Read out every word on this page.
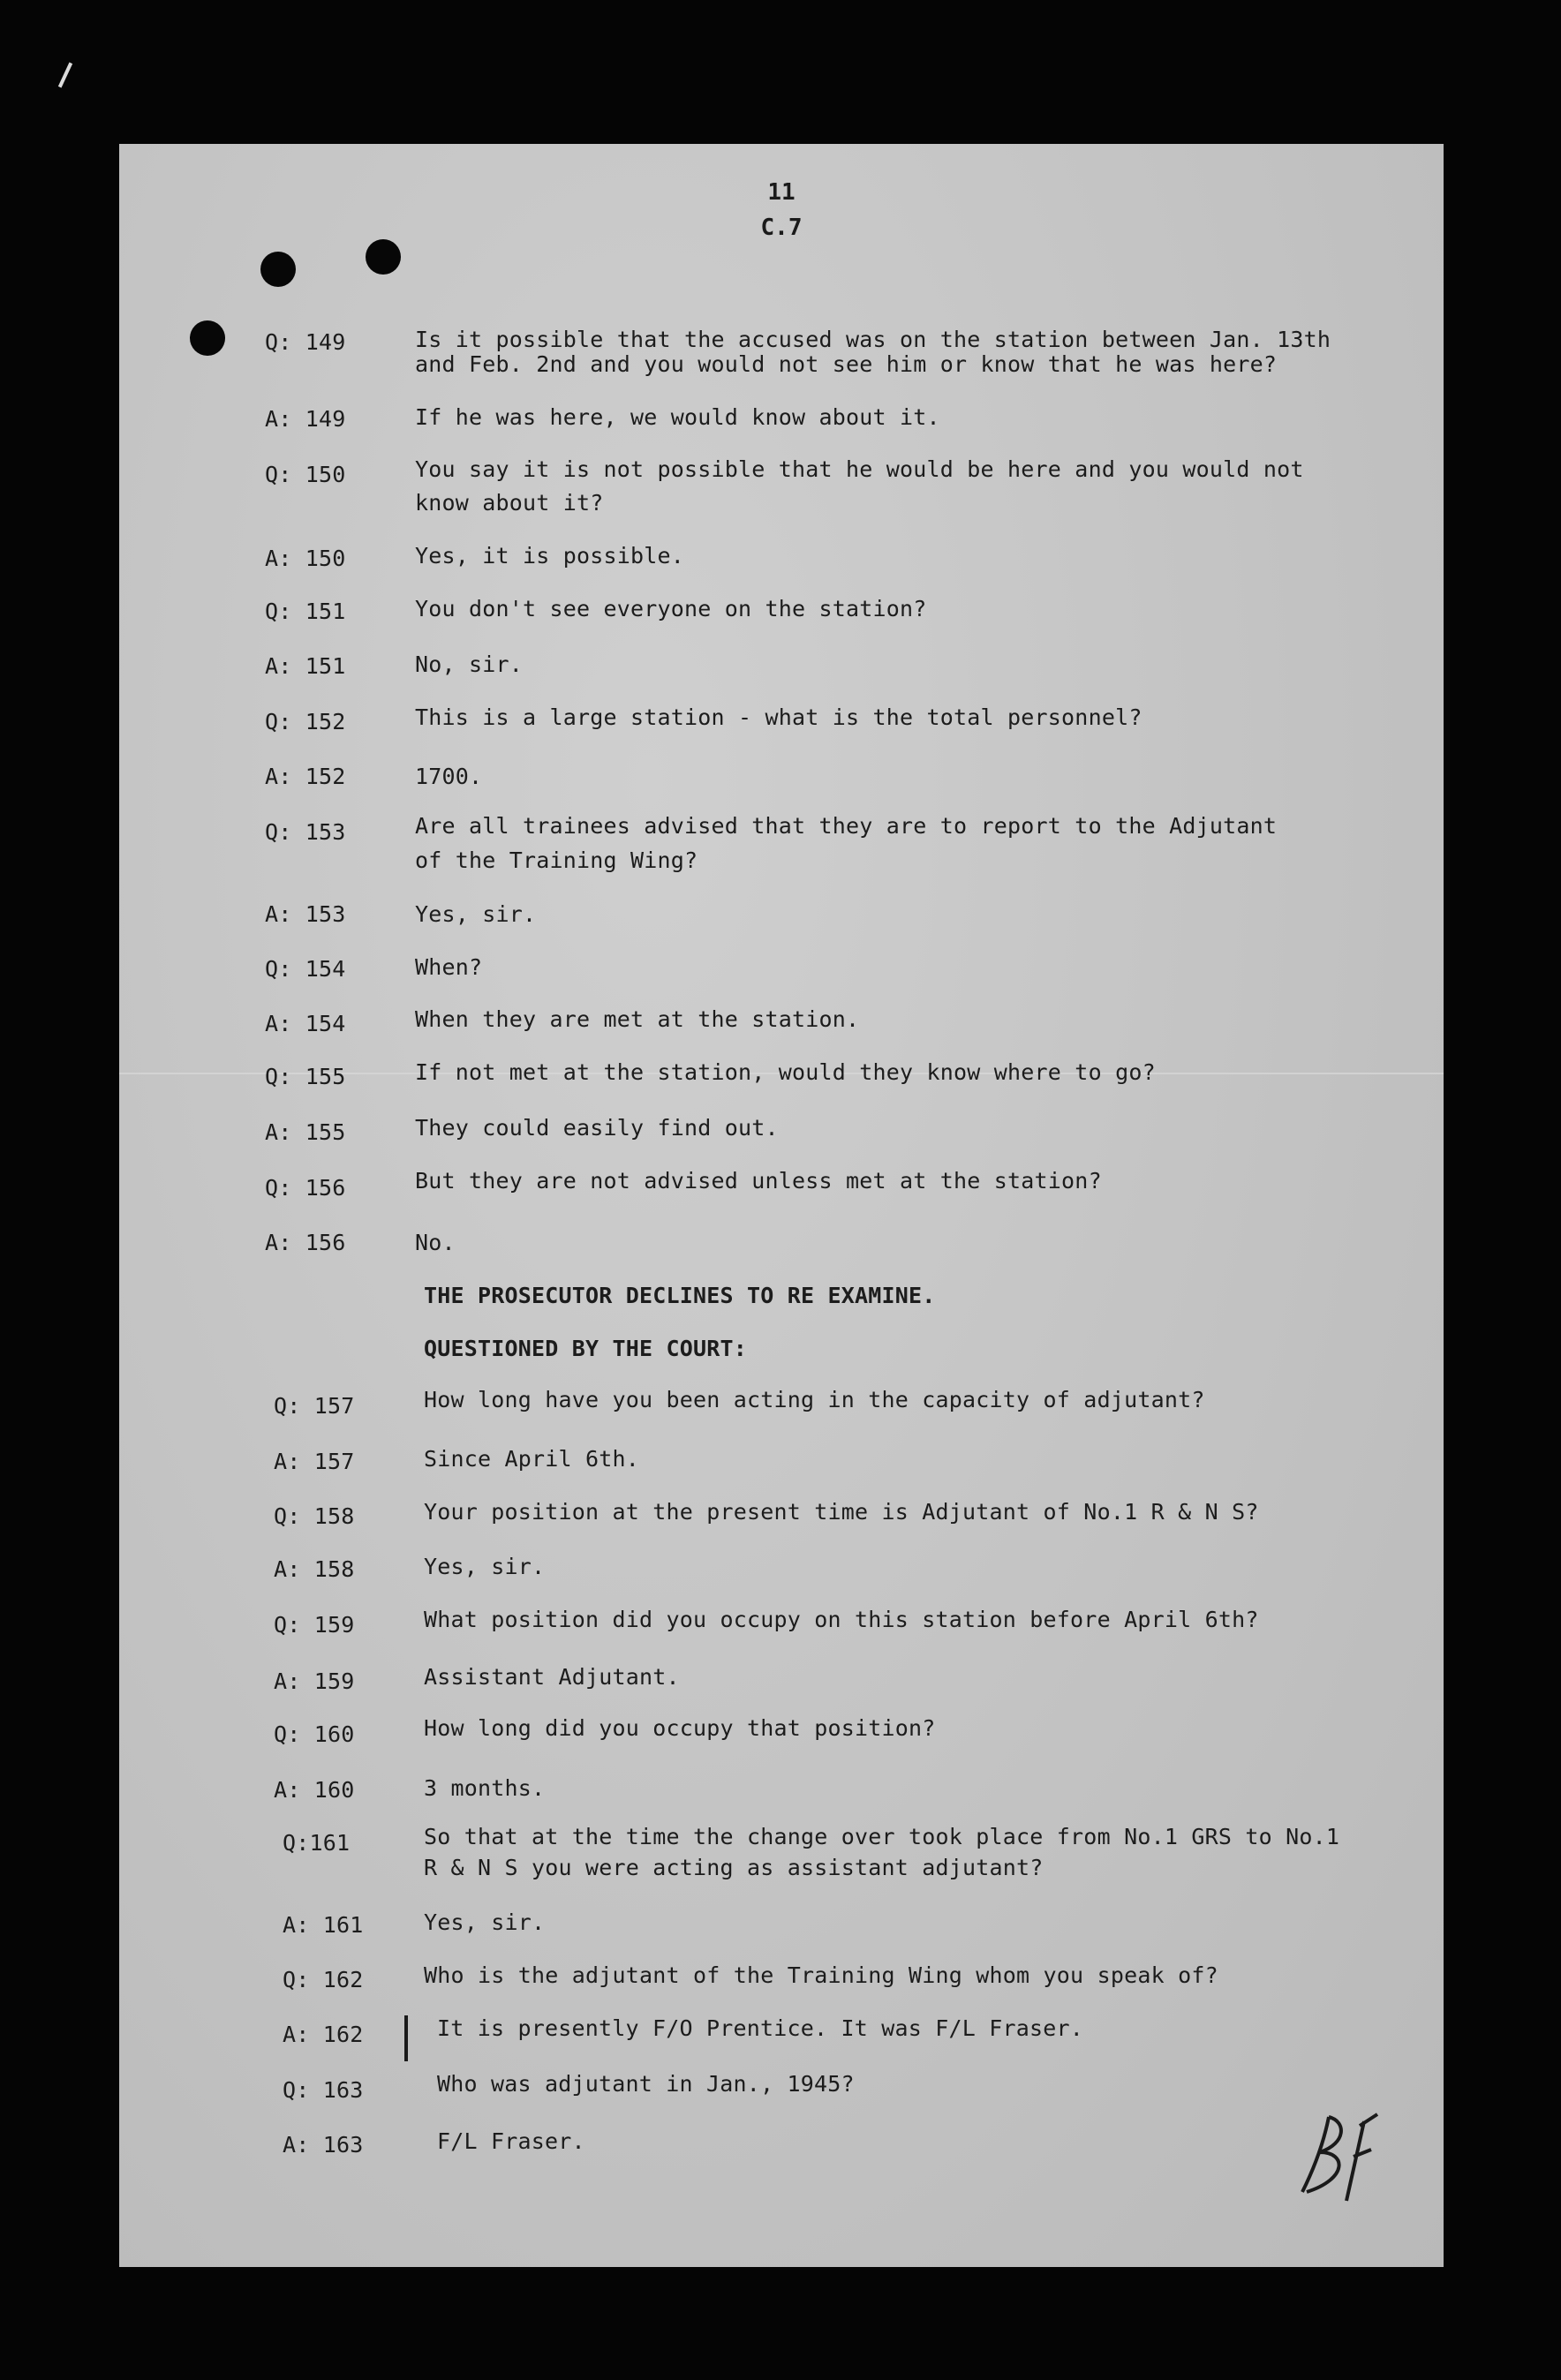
11
C.7
Q: 149	Is it possible that the accused was on the station between Jan. 13th
and Feb. 2nd and you would not see him or know that he was here?
A: 149	If he was here, we would know about it.
Q: 150	You say it is not possible that he would be here and you would not
know about it?
A: 150	Yes, it is possible.
Q: 151	You don't see everyone on the station?
A: 151	No, sir.
Q: 152	This is a large station - what is the total personnel?
A: 152	1700.
Q: 153	Are all trainees advised that they are to report to the Adjutant
of the Training Wing?
A: 153	Yes, sir.
Q: 154	When?
A: 154	When they are met at the station.
Q: 155	If not met at the station, would they know where to go?
A: 155	They could easily find out.
Q: 156	But they are not advised unless met at the station?
A: 156	No.
THE PROSECUTOR DECLINES TO RE EXAMINE.
QUESTIONED BY THE COURT:
Q: 157	How long have you been acting in the capacity of adjutant?
A: 157	Since April 6th.
Q: 158	Your position at the present time is Adjutant of No.1 R & N S?
A: 158	Yes, sir.
Q: 159	What position did you occupy on this station before April 6th?
A: 159	Assistant Adjutant.
Q: 160	How long did you occupy that position?
A: 160	3 months.
Q:161	So that at the time the change over took place from No.1 GRS to No.1
R & N S you were acting as assistant adjutant?
A: 161	Yes, sir.
Q: 162	Who is the adjutant of the Training Wing whom you speak of?
A: 162	It is presently F/O Prentice. It was F/L Fraser.
Q: 163	Who was adjutant in Jan., 1945?
A: 163	F/L Fraser.
